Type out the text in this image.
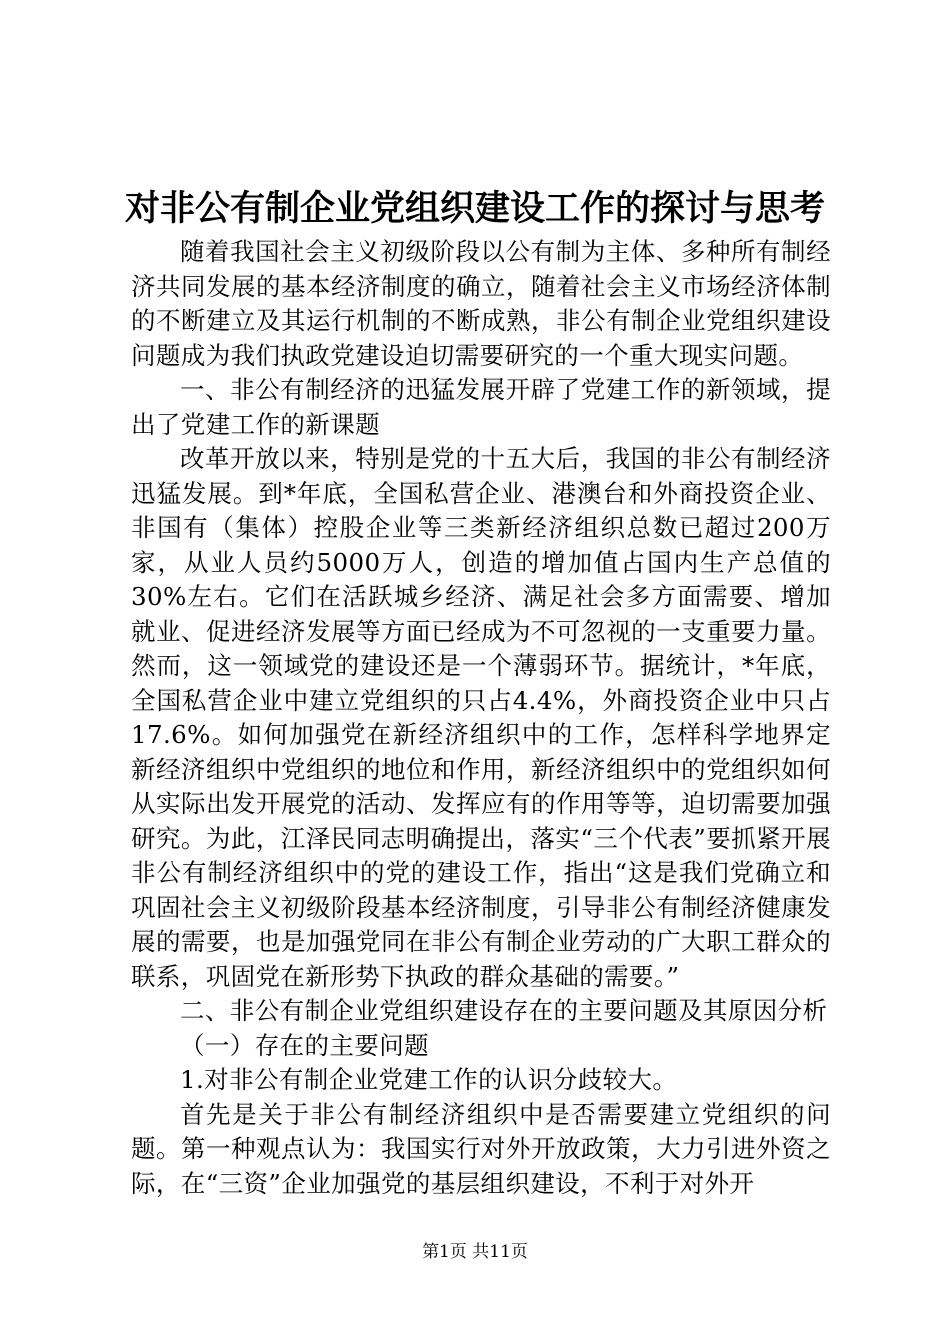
对非公有制企业党组织建设工作的探讨与思考

随着我国社会主义初级阶段以公有制为主体、多种所有制经济共同发展的基本经济制度的确立，随着社会主义市场经济体制的不断建立及其运行机制的不断成熟，非公有制企业党组织建设问题成为我们执政党建设迫切需要研究的一个重大现实问题。

一、非公有制经济的迅猛发展开辟了党建工作的新领域，提出了党建工作的新课题

改革开放以来，特别是党的十五大后，我国的非公有制经济迅猛发展。到*年底，全国私营企业、港澳台和外商投资企业、非国有（集体）控股企业等三类新经济组织总数已超过200万家，从业人员约5000万人，创造的增加值占国内生产总值的30%左右。它们在活跃城乡经济、满足社会多方面需要、增加就业、促进经济发展等方面已经成为不可忽视的一支重要力量。然而，这一领域党的建设还是一个薄弱环节。据统计，*年底，全国私营企业中建立党组织的只占4.4%，外商投资企业中只占17.6%。如何加强党在新经济组织中的工作，怎样科学地界定新经济组织中党组织的地位和作用，新经济组织中的党组织如何从实际出发开展党的活动、发挥应有的作用等等，迫切需要加强研究。为此，江泽民同志明确提出，落实“三个代表”要抓紧开展非公有制经济组织中的党的建设工作，指出“这是我们党确立和巩固社会主义初级阶段基本经济制度，引导非公有制经济健康发展的需要，也是加强党同在非公有制企业劳动的广大职工群众的联系，巩固党在新形势下执政的群众基础的需要。”

二、非公有制企业党组织建设存在的主要问题及其原因分析

（一）存在的主要问题

1.对非公有制企业党建工作的认识分歧较大。

首先是关于非公有制经济组织中是否需要建立党组织的问题。第一种观点认为：我国实行对外开放政策，大力引进外资之际，在“三资”企业加强党的基层组织建设，不利于对外开

第1页 共11页
